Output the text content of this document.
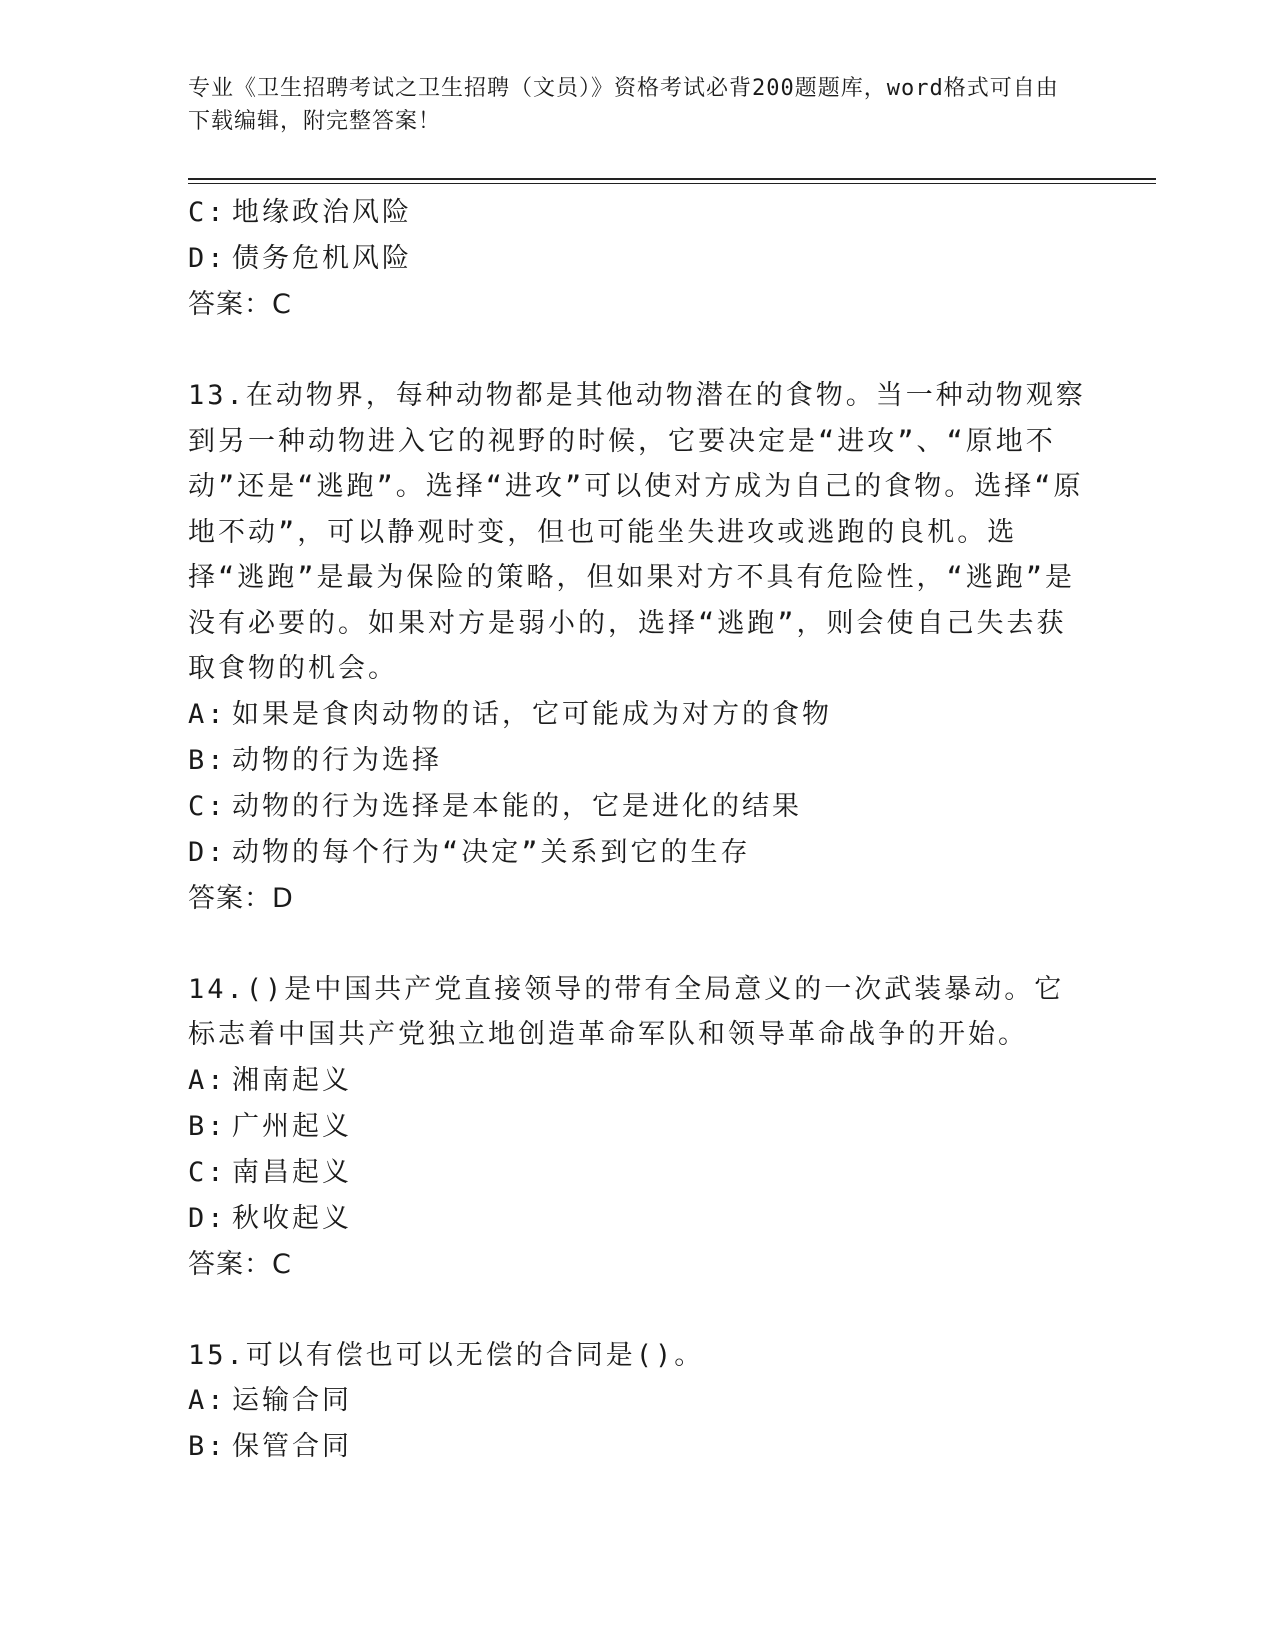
专业《卫生招聘考试之卫生招聘（文员）》资格考试必背200题题库，word格式可自由下载编辑，附完整答案！
C: 地缘政治风险
D: 债务危机风险
答案：C
13.在动物界，每种动物都是其他动物潜在的食物。当一种动物观察到另一种动物进入它的视野的时候，它要决定是“进攻”、“原地不动”还是“逃跑”。选择“进攻”可以使对方成为自己的食物。选择“原地不动”，可以静观时变，但也可能坐失进攻或逃跑的良机。选择“逃跑”是最为保险的策略，但如果对方不具有危险性，“逃跑”是没有必要的。如果对方是弱小的，选择“逃跑”，则会使自己失去获取食物的机会。
A: 如果是食肉动物的话，它可能成为对方的食物
B: 动物的行为选择
C: 动物的行为选择是本能的，它是进化的结果
D: 动物的每个行为“决定”关系到它的生存
答案：D
14.()是中国共产党直接领导的带有全局意义的一次武装暴动。它标志着中国共产党独立地创造革命军队和领导革命战争的开始。
A: 湘南起义
B: 广州起义
C: 南昌起义
D: 秋收起义
答案：C
15.可以有偿也可以无偿的合同是()。
A: 运输合同
B: 保管合同
